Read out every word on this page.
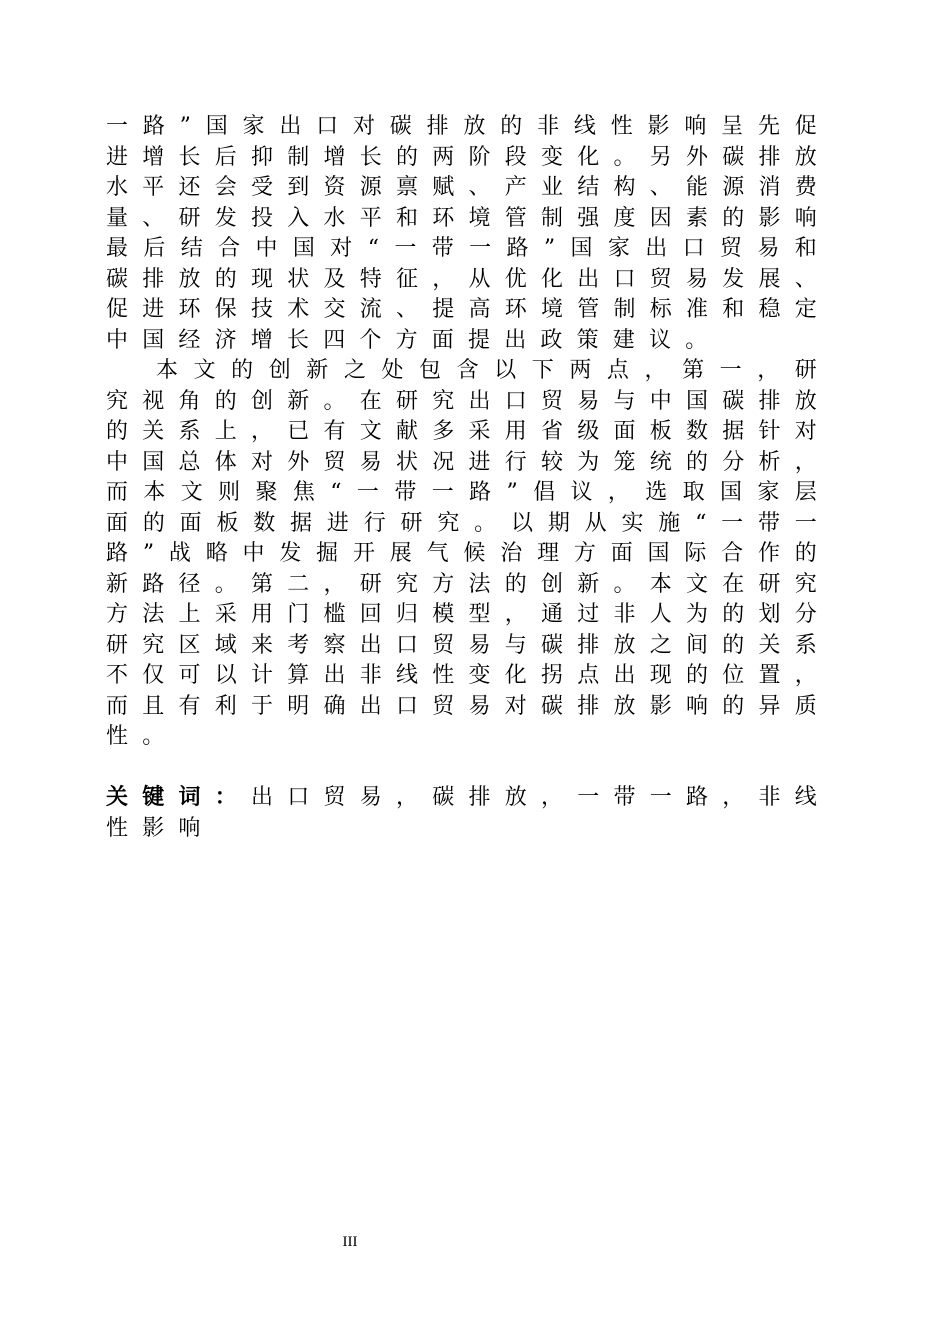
一路”国家出口对碳排放的非线性影响呈先促进增长后抑制增长的两阶段变化。另外碳排放水平还会受到资源禀赋、产业结构、能源消费量、研发投入水平和环境管制强度因素的影响最后结合中国对“一带一路”国家出口贸易和碳排放的现状及特征，从优化出口贸易发展、促进环保技术交流、提高环境管制标准和稳定中国经济增长四个方面提出政策建议。

本文的创新之处包含以下两点，第一，研究视角的创新。在研究出口贸易与中国碳排放的关系上，已有文献多采用省级面板数据针对中国总体对外贸易状况进行较为笼统的分析，而本文则聚焦“一带一路”倡议，选取国家层面的面板数据进行研究。以期从实施“一带一路”战略中发掘开展气候治理方面国际合作的新路径。第二，研究方法的创新。本文在研究方法上采用门槛回归模型，通过非人为的划分研究区域来考察出口贸易与碳排放之间的关系不仅可以计算出非线性变化拐点出现的位置，而且有利于明确出口贸易对碳排放影响的异质性。

关键词：出口贸易，碳排放，一带一路，非线性影响

III
